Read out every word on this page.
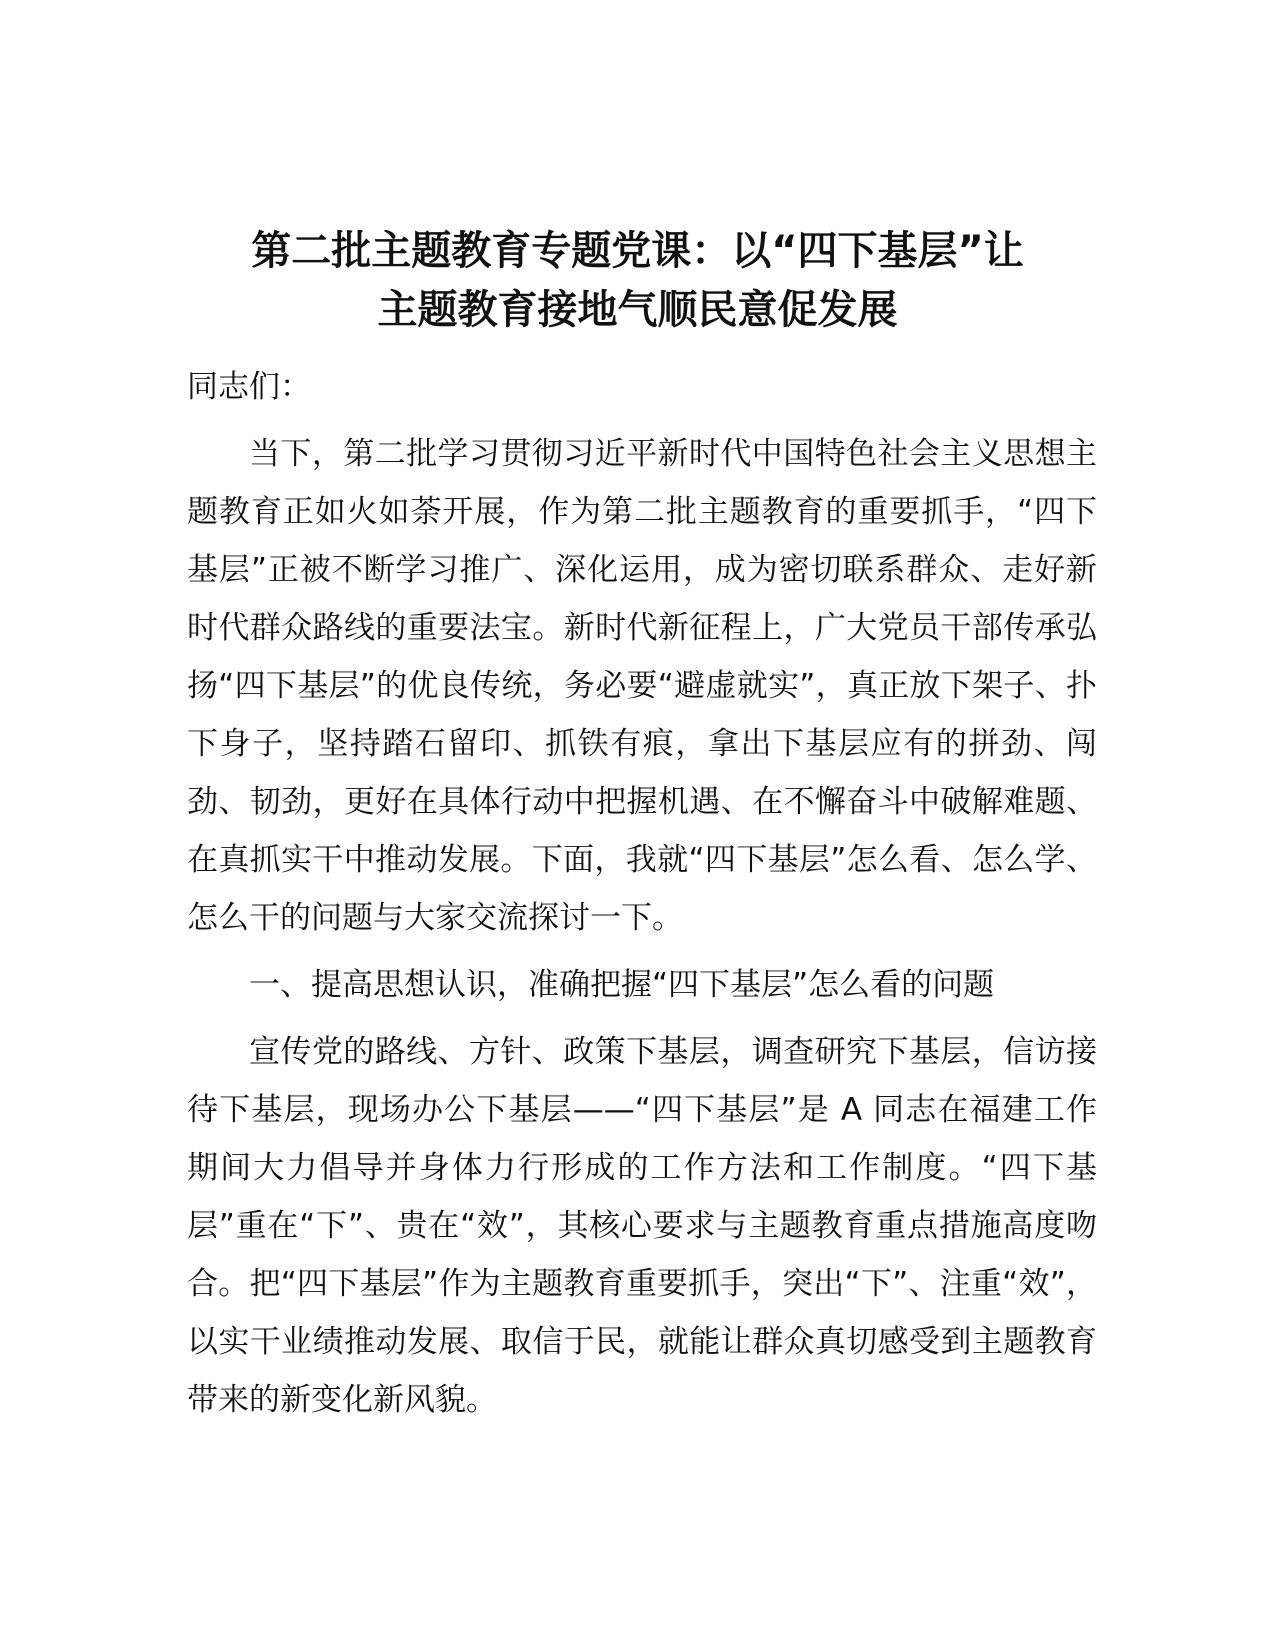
第二批主题教育专题党课：以“四下基层”让
主题教育接地气顺民意促发展

同志们：

当下，第二批学习贯彻习近平新时代中国特色社会主义思想主题教育正如火如荼开展，作为第二批主题教育的重要抓手，“四下基层”正被不断学习推广、深化运用，成为密切联系群众、走好新时代群众路线的重要法宝。新时代新征程上，广大党员干部传承弘扬“四下基层”的优良传统，务必要“避虚就实”，真正放下架子、扑下身子，坚持踏石留印、抓铁有痕，拿出下基层应有的拼劲、闯劲、韧劲，更好在具体行动中把握机遇、在不懈奋斗中破解难题、在真抓实干中推动发展。下面，我就“四下基层”怎么看、怎么学、怎么干的问题与大家交流探讨一下。

一、提高思想认识，准确把握“四下基层”怎么看的问题

宣传党的路线、方针、政策下基层，调查研究下基层，信访接待下基层，现场办公下基层——“四下基层”是 A 同志在福建工作期间大力倡导并身体力行形成的工作方法和工作制度。“四下基层”重在“下”、贵在“效”，其核心要求与主题教育重点措施高度吻合。把“四下基层”作为主题教育重要抓手，突出“下”、注重“效”，以实干业绩推动发展、取信于民，就能让群众真切感受到主题教育带来的新变化新风貌。
